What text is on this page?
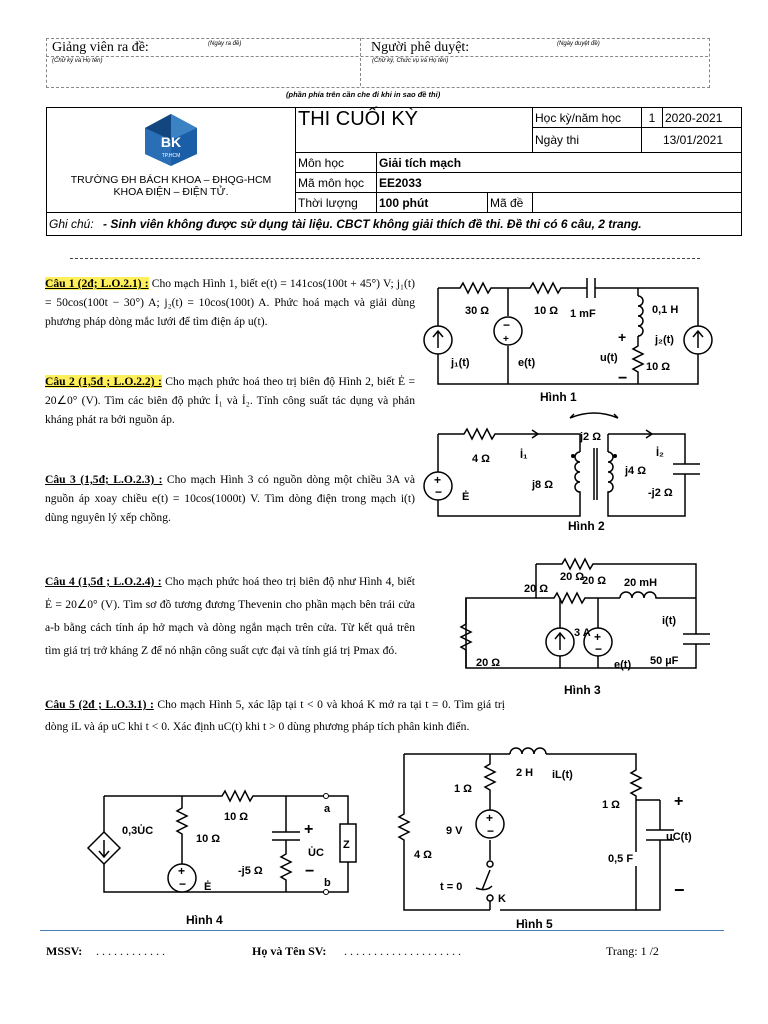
Giảng viên ra đề:	(Ngày ra đề)
(Chữ ký và Họ tên)
Người phê duyệt:	(Ngày duyệt đề)
(Chữ ký, Chức vụ và Họ tên)
(phần phía trên cần che đi khi in sao đề thi)
BK
TP.HCM
TRƯỜNG ĐH BÁCH KHOA – ĐHQG-HCM
KHOA ĐIỆN – ĐIỆN TỬ.	THI CUỐI KỲ			Học kỳ/năm học	1	2020-2021
				Ngày thi	13/01/2021	
	Môn học	Giải tích mạch				
	Mã môn học	EE2033				
	Thời lượng	100 phút	Mã đề			
Ghi chú: - Sinh viên không được sử dụng tài liệu. CBCT không giải thích đề thi. Đề thi có 6 câu, 2 trang.						
Câu 1 (2đ; L.O.2.1) : Cho mạch Hình 1, biết e(t) = 141cos(100t + 45°) V; j₁(t) = 50cos(100t − 30°) A; j₂(t) = 10cos(100t) A. Phức hoá mạch và giải dùng phương pháp dòng mắc lưới để tìm điện áp u(t).
Câu 2 (1,5đ ; L.O.2.2) : Cho mạch phức hoá theo trị biên độ Hình 2, biết Ė = 20∠0° (V). Tìm các biên độ phức İ₁ và İ₂. Tính công suất tác dụng và phản kháng phát ra bởi nguồn áp.
Câu 3 (1,5đ; L.O.2.3) : Cho mạch Hình 3 có nguồn dòng một chiều 3A và nguồn áp xoay chiều e(t) = 10cos(1000t) V. Tìm dòng điện trong mạch i(t) dùng nguyên lý xếp chồng.
Câu 4 (1,5đ ; L.O.2.4) : Cho mạch phức hoá theo trị biên độ như Hình 4, biết Ė = 20∠0° (V). Tìm sơ đồ tương đương Thevenin cho phần mạch bên trái cửa a-b bằng cách tính áp hở mạch và dòng ngắn mạch trên cửa. Từ kết quả trên tìm giá trị trở kháng Z để nó nhận công suất cực đại và tính giá trị Pmax đó.
Câu 5 (2đ ; L.O.3.1) : Cho mạch Hình 5, xác lập tại t < 0 và khoá K mở ra tại t = 0. Tìm giá trị dòng iL và áp uC khi t < 0. Xác định uC(t) khi t > 0 dùng phương pháp tích phân kinh điển.
−
+	+
−
30 Ω	10 Ω 1 mF	0,1 H
10 Ω
j₁(t)	e(t)	u(t)
j₂(t)
Hình 1
+
−
4 Ω	İ₁
j2 Ω
j8 Ω
j4 Ω
İ₂
-j2 Ω
Ė
Hình 2
+
−
20 Ω
20 Ω
20 Ω 20 mH
3 A
i(t)
20 Ω	e(t) 50 µF
Hình 3
+
−
+
−
0,3U̇C
10 Ω
10 Ω
a
b
U̇C
-j5 Ω
Z
Ė
Hình 4
+
−
+
−
1 Ω
2 H iL(t)
1 Ω
9 V
4 Ω
uC(t)
0,5 F
t = 0
K
Hình 5
MSSV: . . . . . . . . . . . .	Họ và Tên SV: . . . . . . . . . . . . . . . . . . . .	Trang: 1 /2
